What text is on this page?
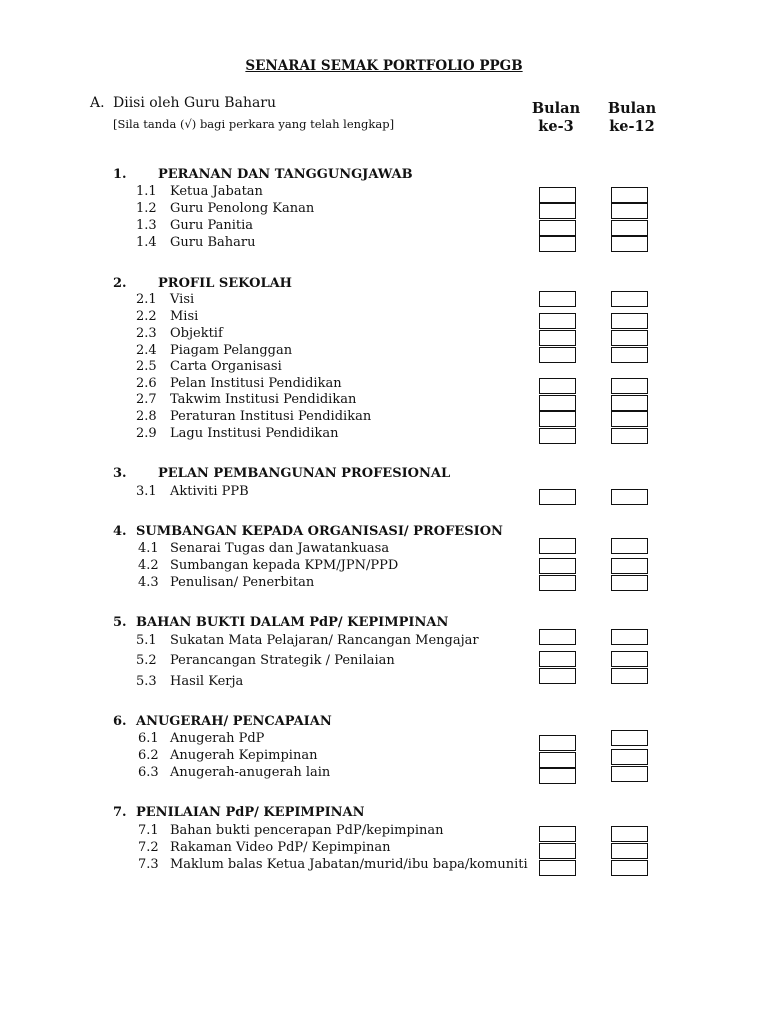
SENARAI SEMAK PORTFOLIO PPGB
A. Diisi oleh Guru Baharu
[Sila tanda (√) bagi perkara yang telah lengkap]
Bulan
ke-3
Bulan
ke-12
1. PERANAN DAN TANGGUNGJAWAB
1.1 Ketua Jabatan
1.2 Guru Penolong Kanan
1.3 Guru Panitia
1.4 Guru Baharu
2. PROFIL SEKOLAH
2.1 Visi
2.2 Misi
2.3 Objektif
2.4 Piagam Pelanggan
2.5 Carta Organisasi
2.6 Pelan Institusi Pendidikan
2.7 Takwim Institusi Pendidikan
2.8 Peraturan Institusi Pendidikan
2.9 Lagu Institusi Pendidikan
3. PELAN PEMBANGUNAN PROFESIONAL
3.1 Aktiviti PPB
4. SUMBANGAN KEPADA ORGANISASI/ PROFESION
4.1 Senarai Tugas dan Jawatankuasa
4.2 Sumbangan kepada KPM/JPN/PPD
4.3 Penulisan/ Penerbitan
5. BAHAN BUKTI DALAM PdP/ KEPIMPINAN
5.1 Sukatan Mata Pelajaran/ Rancangan Mengajar
5.2 Perancangan Strategik / Penilaian
5.3 Hasil Kerja
6. ANUGERAH/ PENCAPAIAN
6.1 Anugerah PdP
6.2 Anugerah Kepimpinan
6.3 Anugerah-anugerah lain
7. PENILAIAN PdP/ KEPIMPINAN
7.1 Bahan bukti pencerapan PdP/kepimpinan
7.2 Rakaman Video PdP/ Kepimpinan
7.3 Maklum balas Ketua Jabatan/murid/ibu bapa/komuniti
